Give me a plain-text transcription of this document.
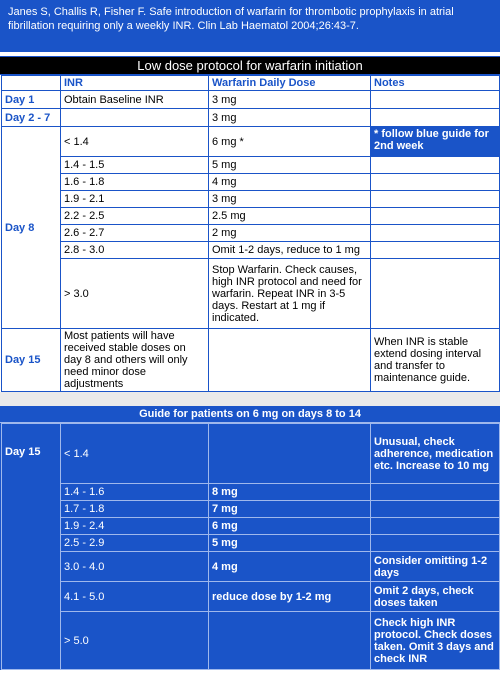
Janes S, Challis R, Fisher F. Safe introduction of warfarin for thrombotic prophylaxis in atrial fibrillation requiring only a weekly INR. Clin Lab Haematol 2004;26:43-7.
Low dose protocol for warfarin initiation
	INR	Warfarin Daily Dose	Notes
Day 1	Obtain Baseline INR	3 mg	
Day 2 - 7		3 mg	
Day 8	< 1.4	6 mg *	* follow blue guide for 2nd week
	1.4 - 1.5	5 mg	
	1.6 - 1.8	4 mg	
	1.9 - 2.1	3 mg	
	2.2 - 2.5	2.5 mg	
	2.6 - 2.7	2 mg	
	2.8 - 3.0	Omit 1-2 days, reduce to 1 mg	
	> 3.0	Stop Warfarin. Check causes, high INR protocol and need for warfarin. Repeat INR in 3-5 days. Restart at 1 mg if indicated.	
Day 15	Most patients will have received stable doses on day 8 and others will only need minor dose adjustments		When INR is stable extend dosing interval and transfer to maintenance guide.
Guide for patients on 6 mg on days 8 to 14
Day 15	< 1.4		Unusual, check adherence, medication etc. Increase to 10 mg
	1.4 - 1.6	8 mg	
	1.7 - 1.8	7 mg	
	1.9 - 2.4	6 mg	
	2.5 - 2.9	5 mg	
	3.0 - 4.0	4 mg	Consider omitting 1-2 days
	4.1 - 5.0	reduce dose by 1-2 mg	Omit 2 days, check doses taken
	> 5.0		Check high INR protocol. Check doses taken. Omit 3 days and check INR
